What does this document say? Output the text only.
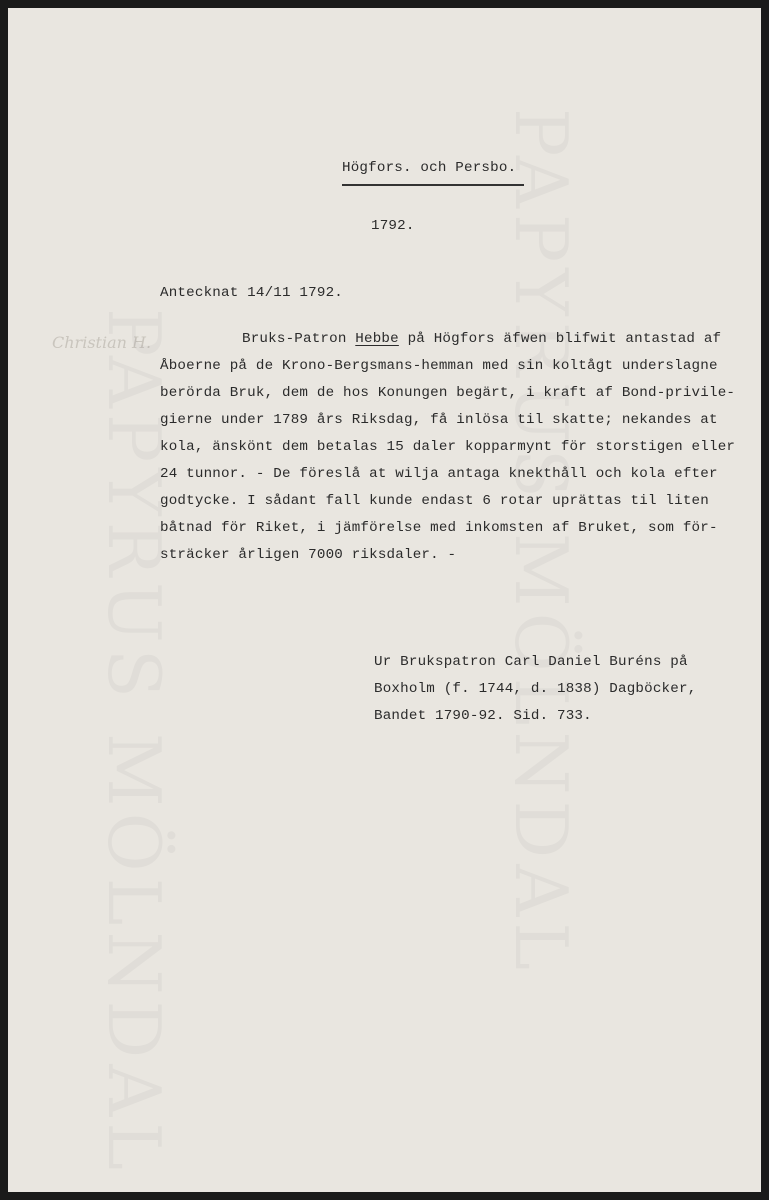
Högfors. och Persbo.
1792.
Antecknat 14/11 1792.
Christian H.	Bruks-Patron Hebbe på Högfors äfwen blifwit antastad af
Åboerne på de Krono-Bergsmans-hemman med sin koltågt underslagne
berörda Bruk, dem de hos Konungen begärt, i kraft af Bond-privile-
gierne under 1789 års Riksdag, få inlösa til skatte; nekandes at
kola, änskönt dem betalas 15 daler kopparmynt för storstigen eller
24 tunnor. - De föreslå at wilja antaga knekthåll och kola efter
godtycke. I sådant fall kunde endast 6 rotar uprättas til liten
båtnad för Riket, i jämförelse med inkomsten af Bruket, som för-
sträcker årligen 7000 riksdaler. -
Ur Brukspatron Carl Daniel Buréns på
Boxholm (f. 1744, d. 1838) Dagböcker,
Bandet 1790-92. Sid. 733.
